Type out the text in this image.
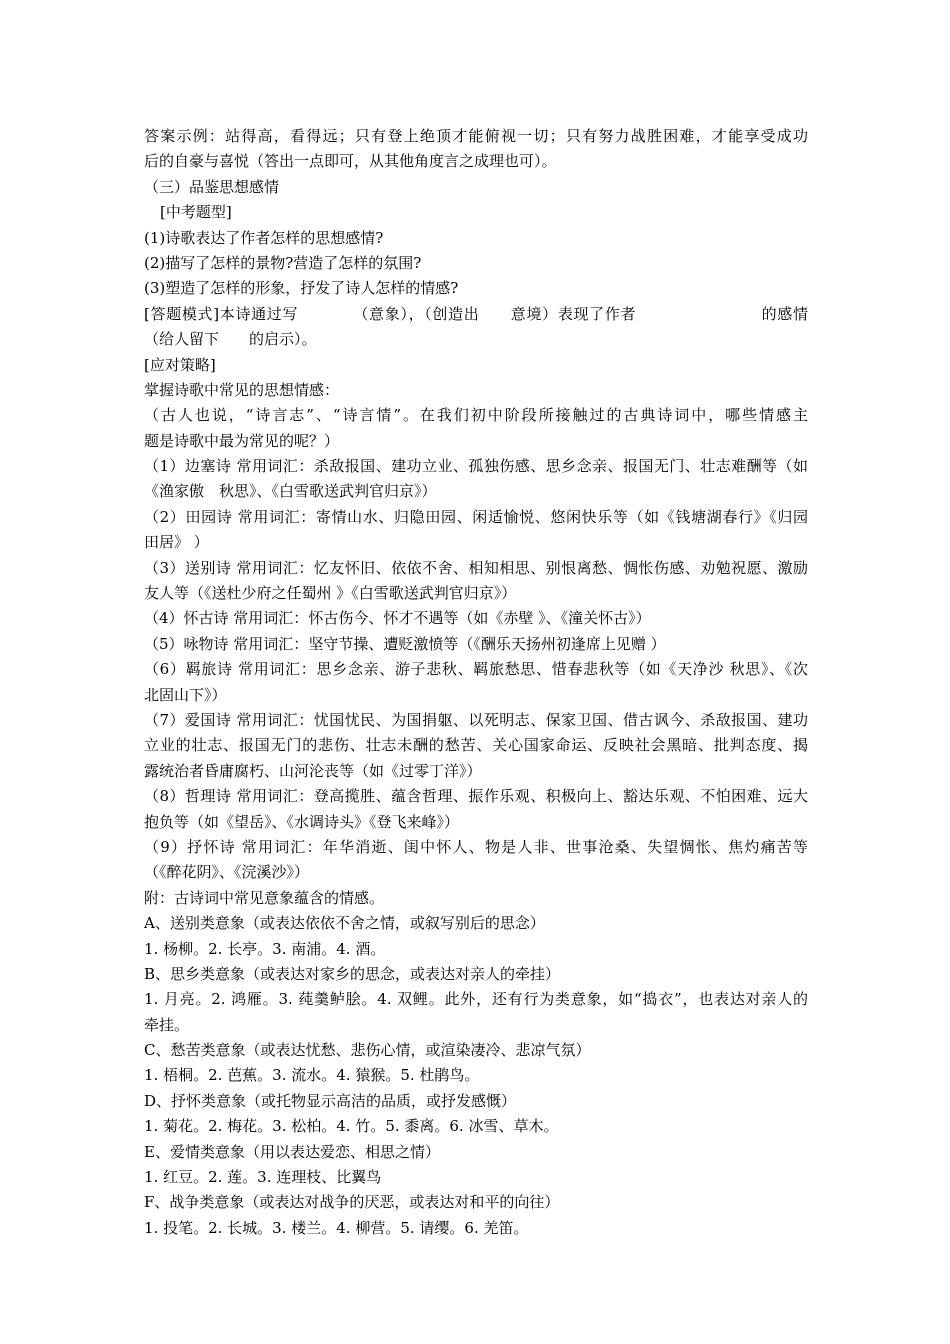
答案示例：站得高，看得远；只有登上绝顶才能俯视一切；只有努力战胜困难，才能享受成功
后的自豪与喜悦（答出一点即可，从其他角度言之成理也可）。
（三）品鉴思想感情
[中考题型]
(1)诗歌表达了作者怎样的思想感情?
(2)描写了怎样的景物?营造了怎样的氛围?
(3)塑造了怎样的形象，抒发了诗人怎样的情感?
[答题模式]本诗通过写　　　　（意象），（创造出　　意境）表现了作者　　　　　　　　的感情
（给人留下　　的启示）。
[应对策略]
掌握诗歌中常见的思想情感：
（古人也说，“诗言志”、“诗言情”。在我们初中阶段所接触过的古典诗词中，哪些情感主
题是诗歌中最为常见的呢？）
（1）边塞诗 常用词汇：杀敌报国、建功立业、孤独伤感、思乡念亲、报国无门、壮志难酬等（如
《渔家傲　秋思》、《白雪歌送武判官归京》）
（2）田园诗 常用词汇：寄情山水、归隐田园、闲适愉悦、悠闲快乐等（如《钱塘湖春行》《归园
田居》 ）
（3）送别诗 常用词汇：忆友怀旧、依依不舍、相知相思、别恨离愁、惆怅伤感、劝勉祝愿、激励
友人等（《送杜少府之任蜀州 》《白雪歌送武判官归京》）
（4）怀古诗 常用词汇：怀古伤今、怀才不遇等（如《赤壁 》、《潼关怀古》）
（5）咏物诗 常用词汇：坚守节操、遭贬激愤等（《酬乐天扬州初逢席上见赠 ）
（6）羁旅诗 常用词汇：思乡念亲、游子悲秋、羁旅愁思、惜春悲秋等（如《天净沙 秋思》、《次
北固山下》）
（7）爱国诗 常用词汇：忧国忧民、为国捐躯、以死明志、保家卫国、借古讽今、杀敌报国、建功
立业的壮志、报国无门的悲伤、壮志未酬的愁苦、关心国家命运、反映社会黑暗、批判态度、揭
露统治者昏庸腐朽、山河沦丧等（如《过零丁洋》）
（8）哲理诗 常用词汇：登高揽胜、蕴含哲理、振作乐观、积极向上、豁达乐观、不怕困难、远大
抱负等（如《望岳》、《水调诗头》《登飞来峰》）
（9）抒怀诗 常用词汇：年华消逝、闺中怀人、物是人非、世事沧桑、失望惆怅、焦灼痛苦等
（《醉花阴》、《浣溪沙》）
附：古诗词中常见意象蕴含的情感。
A、送别类意象（或表达依依不舍之情，或叙写别后的思念）
1. 杨柳。2. 长亭。3. 南浦。4. 酒。
B、思乡类意象（或表达对家乡的思念，或表达对亲人的牵挂）
1. 月亮。2. 鸿雁。3. 莼羹鲈脍。4. 双鲤。此外，还有行为类意象，如“捣衣”，也表达对亲人的
牵挂。
C、愁苦类意象（或表达忧愁、悲伤心情，或渲染凄冷、悲凉气氛）
1. 梧桐。2. 芭蕉。3. 流水。4. 猿猴。5. 杜鹃鸟。
D、抒怀类意象（或托物显示高洁的品质，或抒发感慨）
1. 菊花。2. 梅花。3. 松柏。4. 竹。5. 黍离。6. 冰雪、草木。
E、爱情类意象（用以表达爱恋、相思之情）
1. 红豆。2. 莲。3. 连理枝、比翼鸟
F、战争类意象（或表达对战争的厌恶，或表达对和平的向往）
1. 投笔。2. 长城。3. 楼兰。4. 柳营。5. 请缨。6. 羌笛。
